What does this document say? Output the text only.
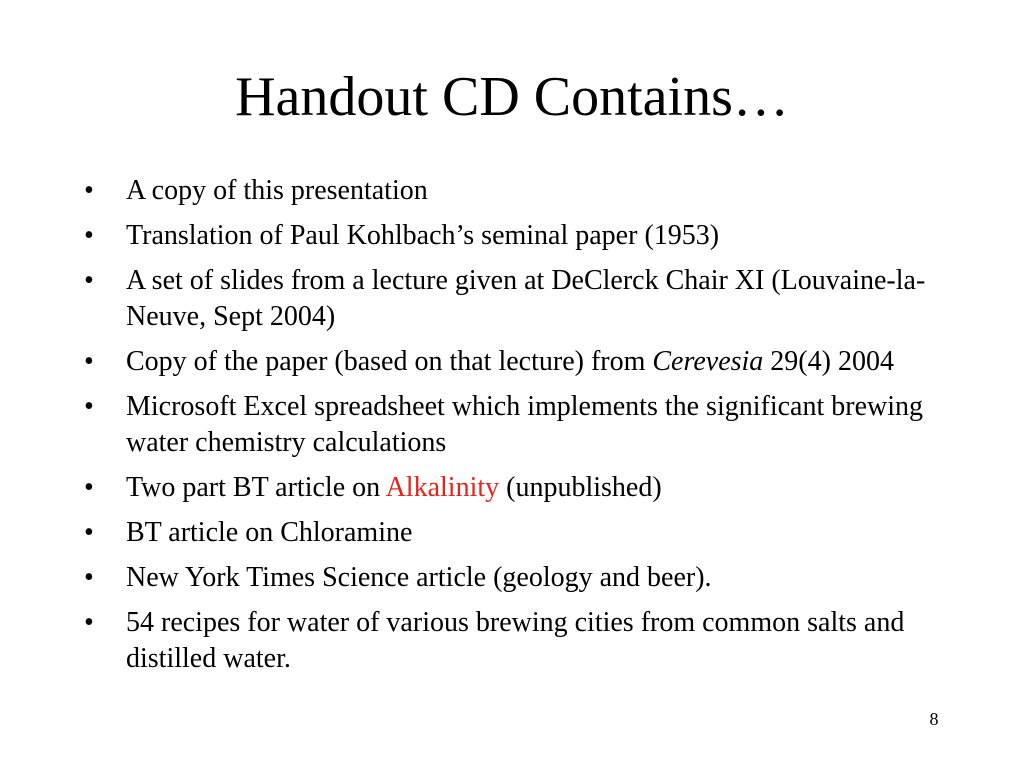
Handout CD Contains…
• A copy of this presentation
• Translation of Paul Kohlbach’s seminal paper (1953)
• A set of slides from a lecture given at DeClerck Chair XI (Louvaine-la-Neuve, Sept 2004)
• Copy of the paper (based on that lecture) from Cerevesia 29(4) 2004
• Microsoft Excel spreadsheet which implements the significant brewing water chemistry calculations
• Two part BT article on Alkalinity (unpublished)
• BT article on Chloramine
• New York Times Science article (geology and beer).
• 54 recipes for water of various brewing cities from common salts and distilled water.
8
